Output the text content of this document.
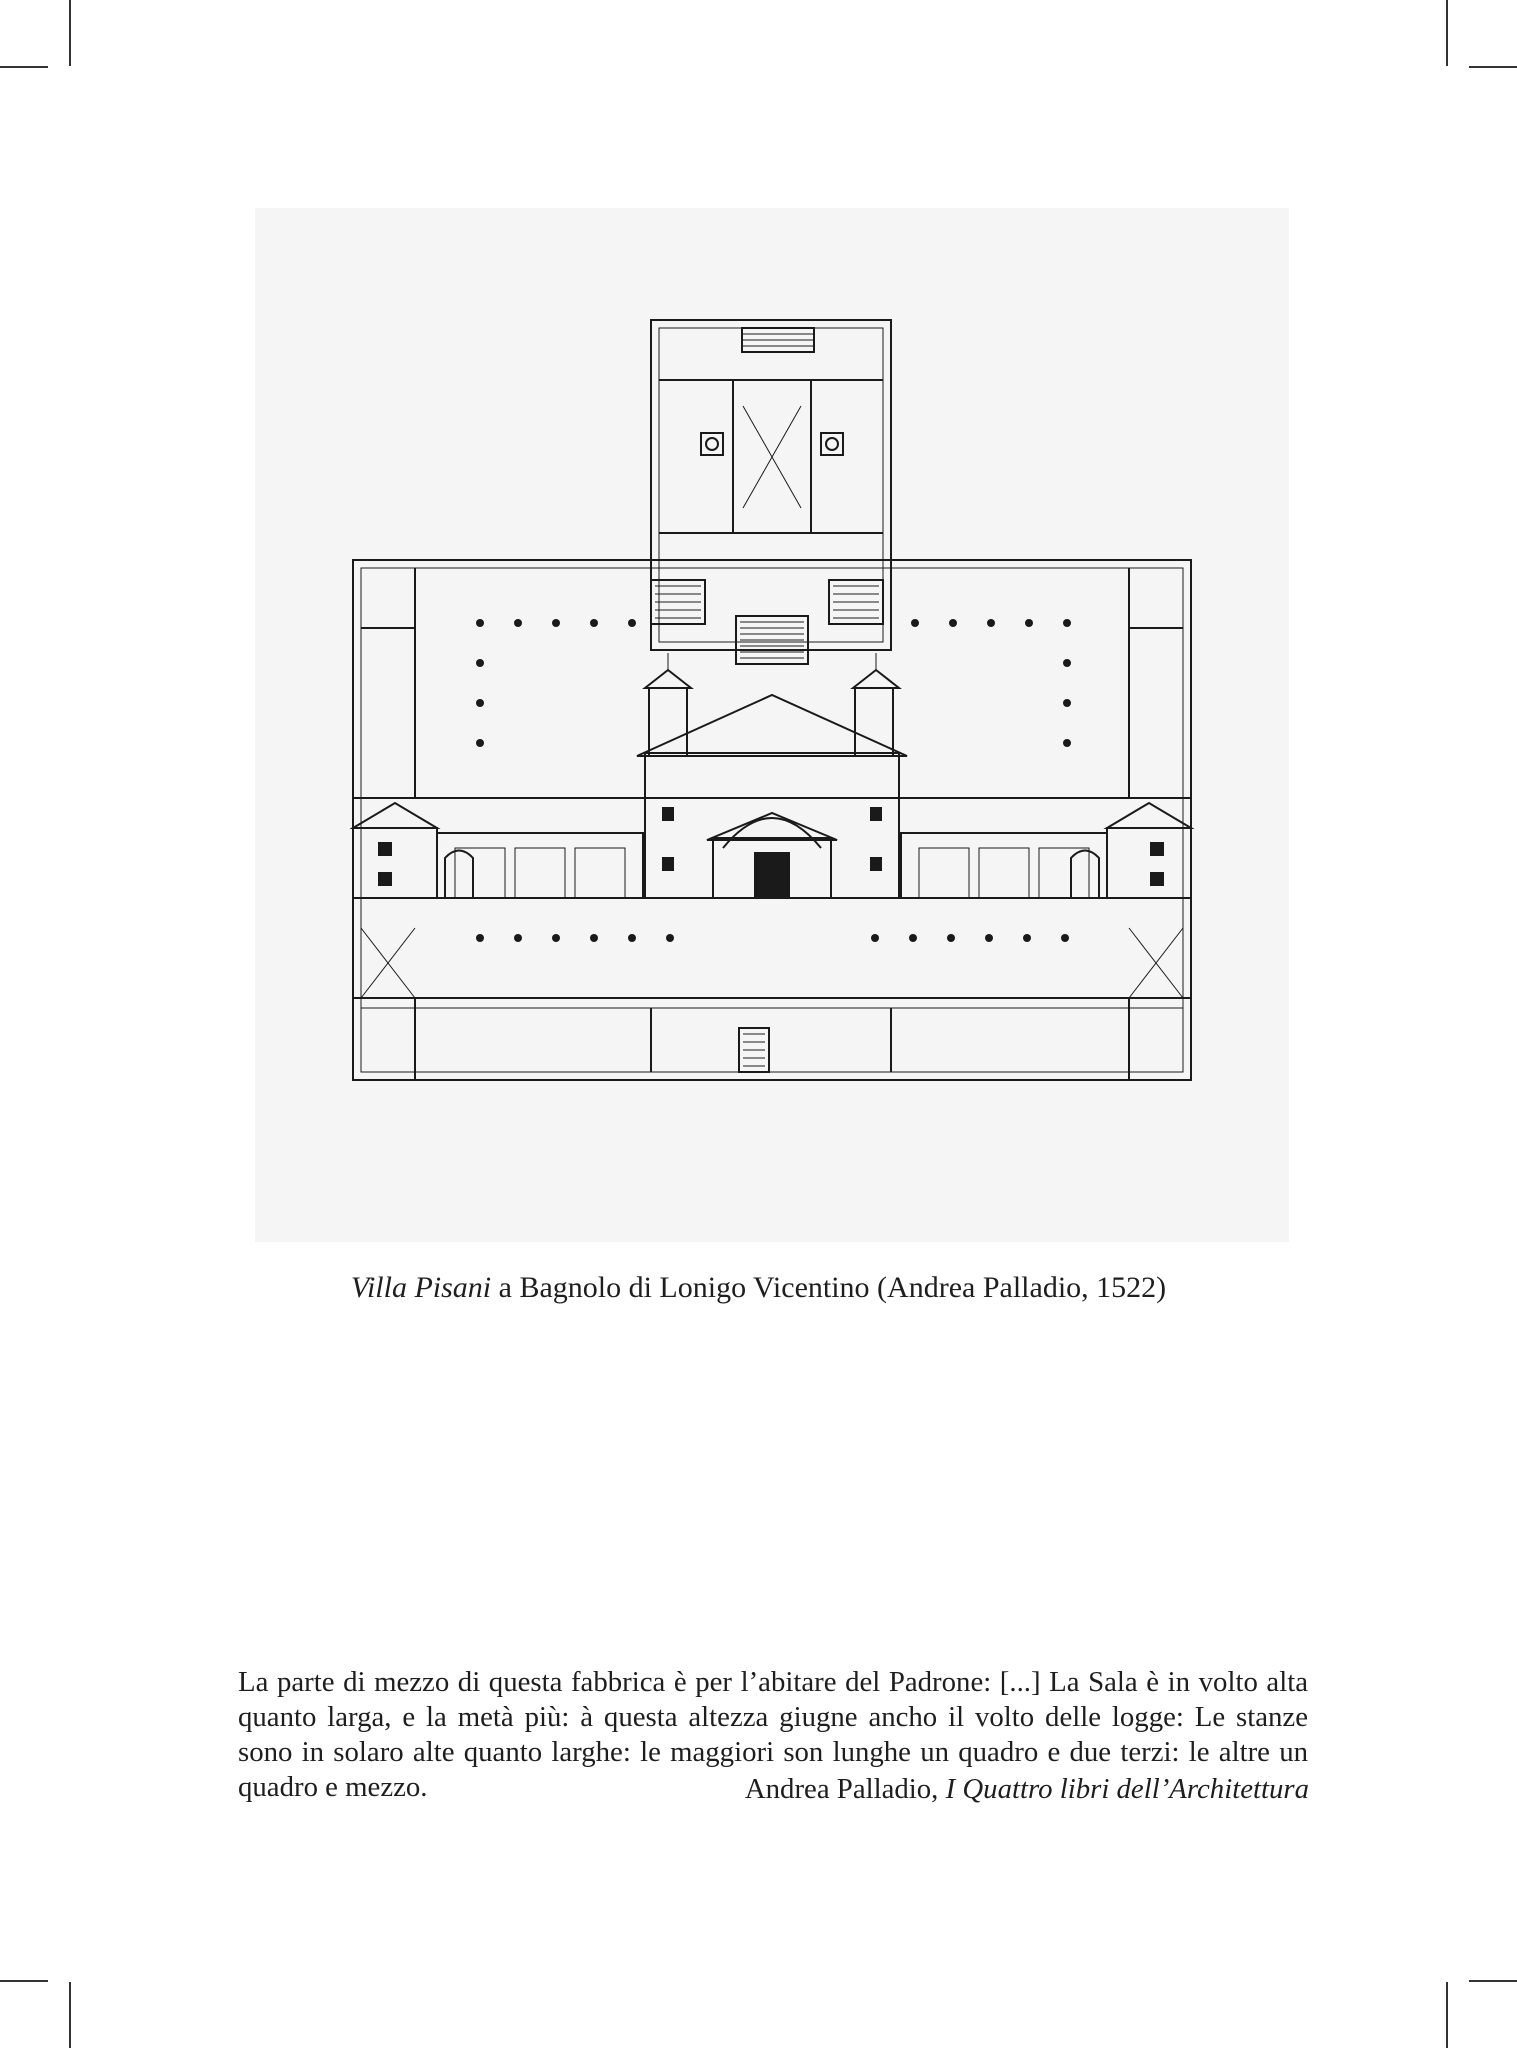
Villa Pisani a Bagnolo di Lonigo Vicentino (Andrea Palladio, 1522)
La parte di mezzo di questa fabbrica è per l’abitare del Padrone: [...] La Sala è in volto alta quanto larga, e la metà più: à questa altezza giugne ancho il volto delle logge: Le stanze sono in solaro alte quanto larghe: le maggiori son lunghe un quadro e due terzi: le altre un quadro e mezzo.	Andrea Palladio, I Quattro libri dell’Architettura
